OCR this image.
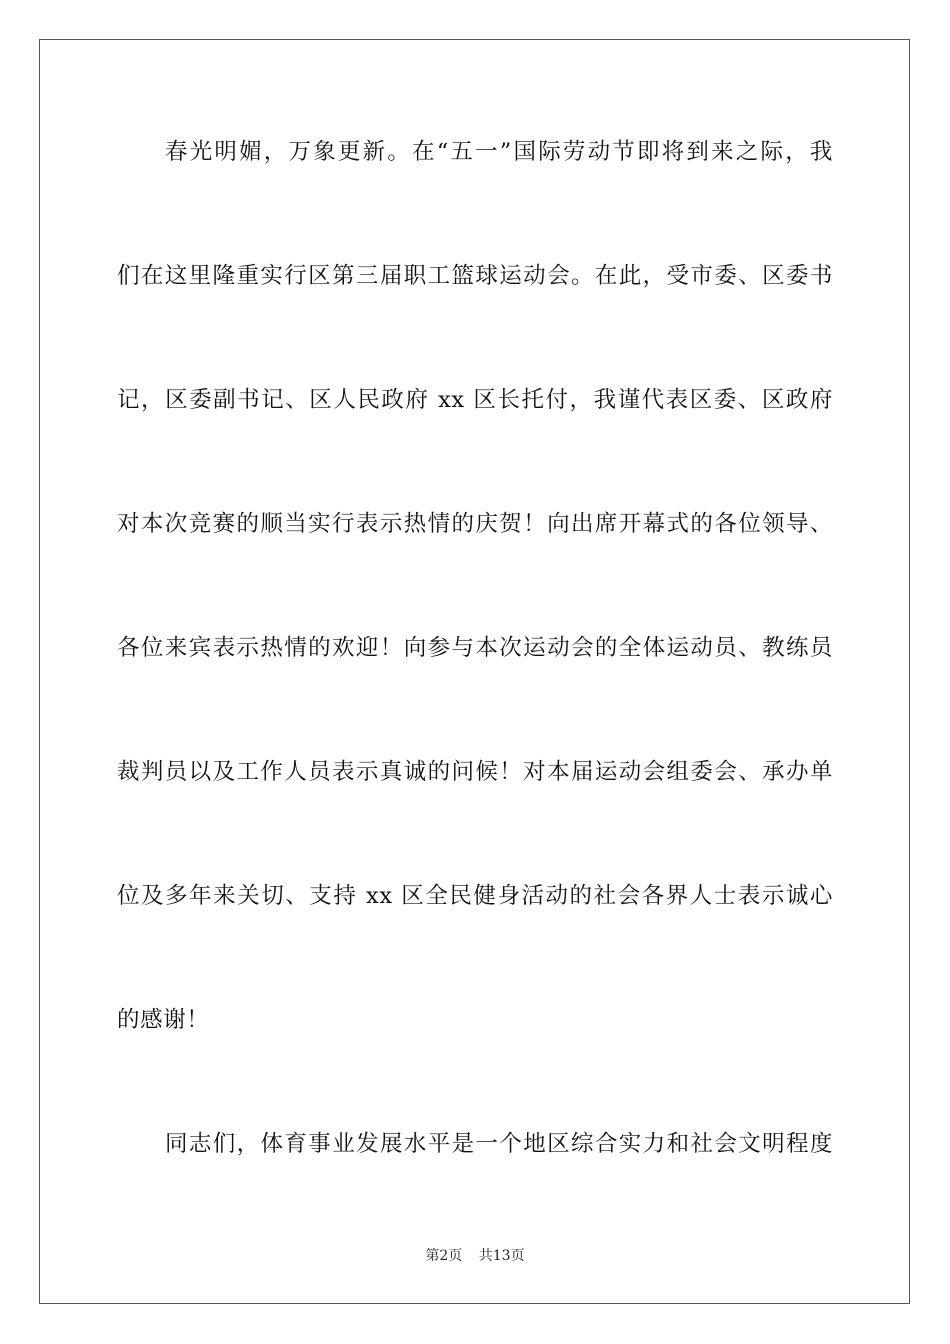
春光明媚，万象更新。在“五一”国际劳动节即将到来之际，我
们在这里隆重实行区第三届职工篮球运动会。在此，受市委、区委书
记，区委副书记、区人民政府 xx 区长托付，我谨代表区委、区政府
对本次竞赛的顺当实行表示热情的庆贺！向出席开幕式的各位领导、
各位来宾表示热情的欢迎！向参与本次运动会的全体运动员、教练员
裁判员以及工作人员表示真诚的问候！对本届运动会组委会、承办单
位及多年来关切、支持 xx 区全民健身活动的社会各界人士表示诚心
的感谢！
同志们，体育事业发展水平是一个地区综合实力和社会文明程度
第2页 共13页
